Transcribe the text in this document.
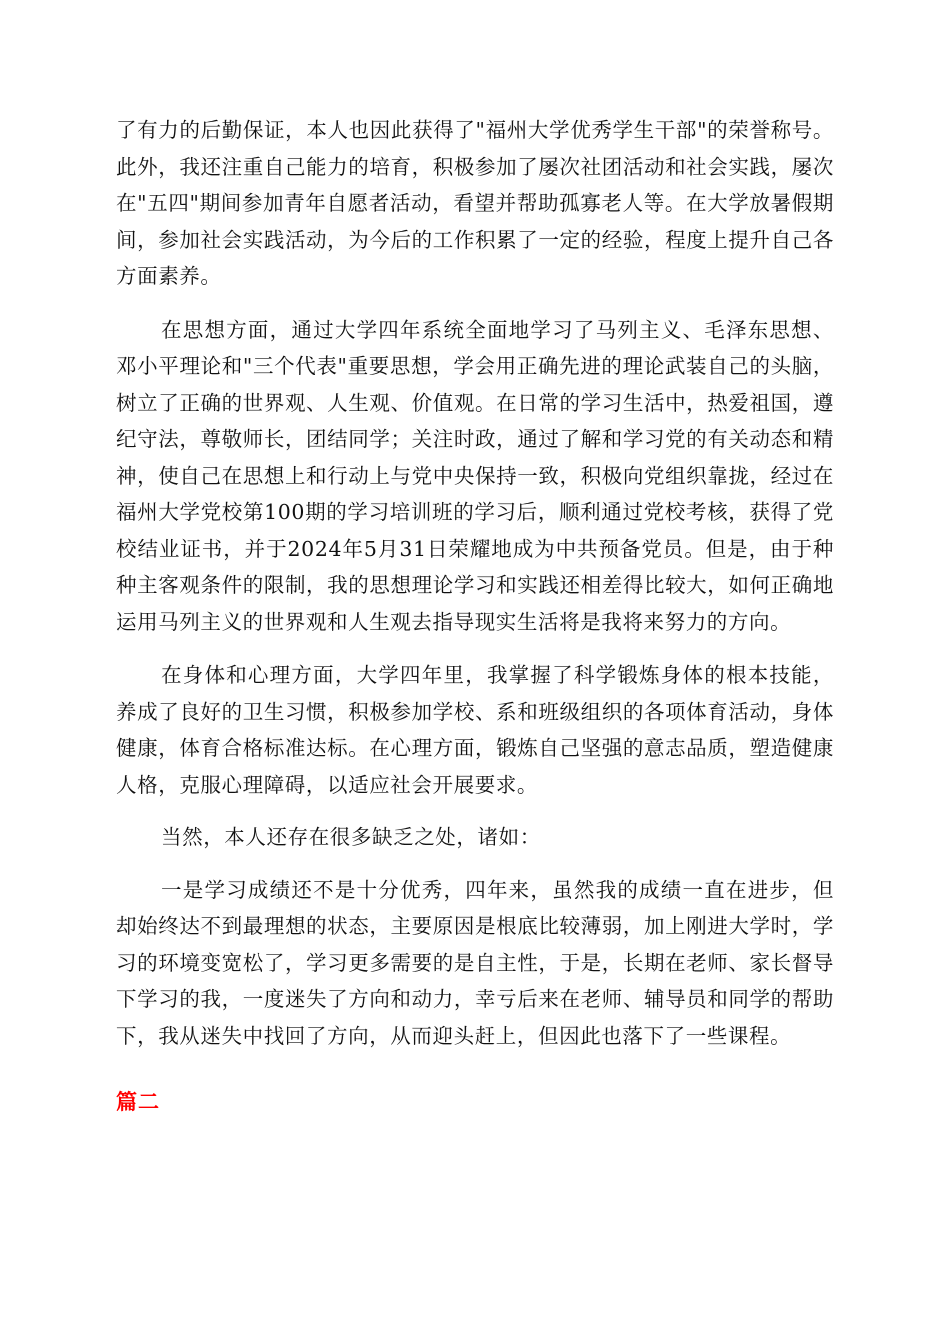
了有力的后勤保证，本人也因此获得了"福州大学优秀学生干部"的荣誉称号。此外，我还注重自己能力的培育，积极参加了屡次社团活动和社会实践，屡次在"五四"期间参加青年自愿者活动，看望并帮助孤寡老人等。在大学放暑假期间，参加社会实践活动，为今后的工作积累了一定的经验，程度上提升自己各方面素养。

在思想方面，通过大学四年系统全面地学习了马列主义、毛泽东思想、邓小平理论和"三个代表"重要思想，学会用正确先进的理论武装自己的头脑，树立了正确的世界观、人生观、价值观。在日常的学习生活中，热爱祖国，遵纪守法，尊敬师长，团结同学；关注时政，通过了解和学习党的有关动态和精神，使自己在思想上和行动上与党中央保持一致，积极向党组织靠拢，经过在福州大学党校第100期的学习培训班的学习后，顺利通过党校考核，获得了党校结业证书，并于2024年5月31日荣耀地成为中共预备党员。但是，由于种种主客观条件的限制，我的思想理论学习和实践还相差得比较大，如何正确地运用马列主义的世界观和人生观去指导现实生活将是我将来努力的方向。

在身体和心理方面，大学四年里，我掌握了科学锻炼身体的根本技能，养成了良好的卫生习惯，积极参加学校、系和班级组织的各项体育活动，身体健康，体育合格标准达标。在心理方面，锻炼自己坚强的意志品质，塑造健康人格，克服心理障碍，以适应社会开展要求。

当然，本人还存在很多缺乏之处，诸如：

一是学习成绩还不是十分优秀，四年来，虽然我的成绩一直在进步，但却始终达不到最理想的状态，主要原因是根底比较薄弱，加上刚进大学时，学习的环境变宽松了，学习更多需要的是自主性，于是，长期在老师、家长督导下学习的我，一度迷失了方向和动力，幸亏后来在老师、辅导员和同学的帮助下，我从迷失中找回了方向，从而迎头赶上，但因此也落下了一些课程。

篇二
